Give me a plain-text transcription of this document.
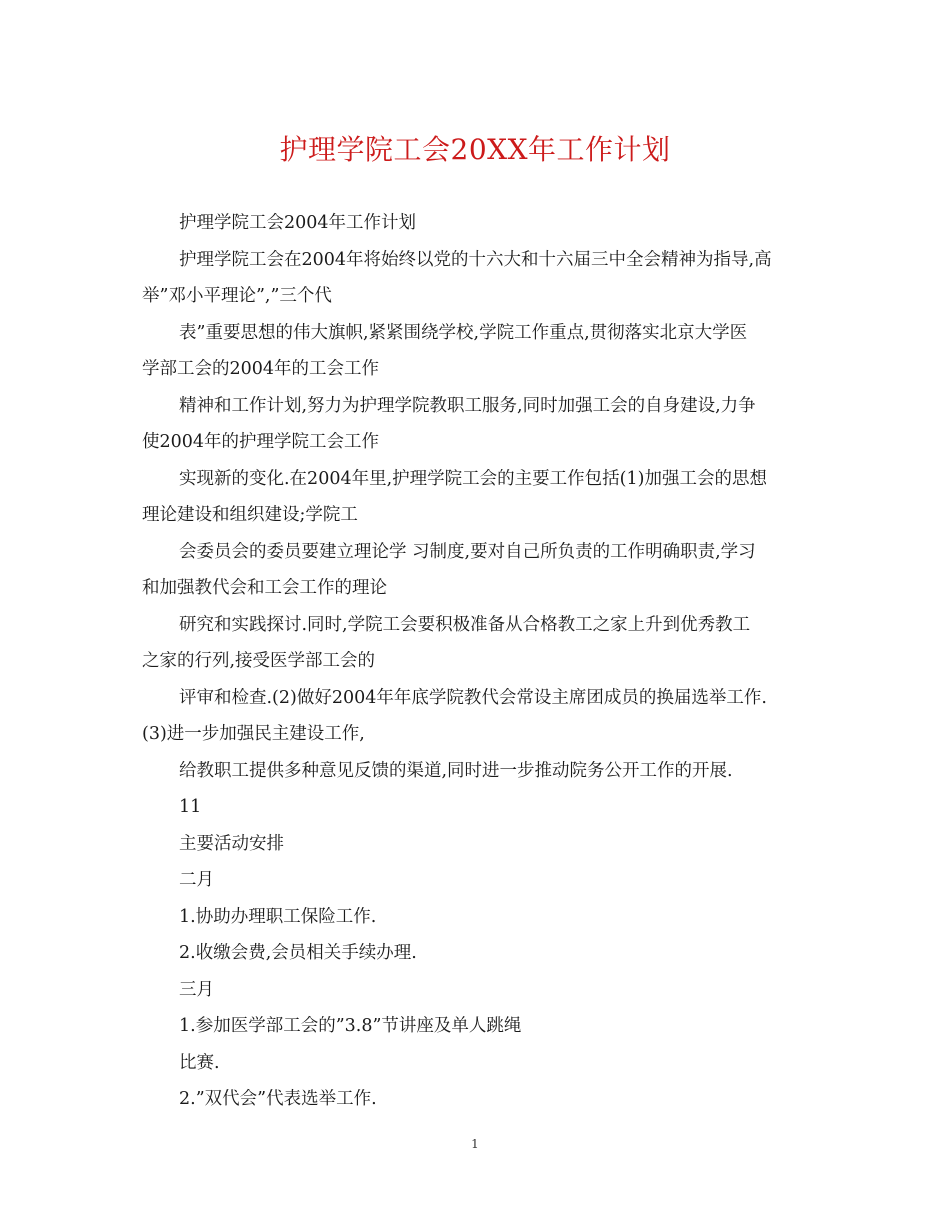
护理学院工会20XX年工作计划
护理学院工会2004年工作计划
护理学院工会在2004年将始终以党的十六大和十六届三中全会精神为指导,高
举”邓小平理论”,”三个代
表”重要思想的伟大旗帜,紧紧围绕学校,学院工作重点,贯彻落实北京大学医
学部工会的2004年的工会工作
精神和工作计划,努力为护理学院教职工服务,同时加强工会的自身建设,力争
使2004年的护理学院工会工作
实现新的变化.在2004年里,护理学院工会的主要工作包括(1)加强工会的思想
理论建设和组织建设;学院工
会委员会的委员要建立理论学 习制度,要对自己所负责的工作明确职责,学习
和加强教代会和工会工作的理论
研究和实践探讨.同时,学院工会要积极准备从合格教工之家上升到优秀教工
之家的行列,接受医学部工会的
评审和检查.(2)做好2004年年底学院教代会常设主席团成员的换届选举工作.
(3)进一步加强民主建设工作,
给教职工提供多种意见反馈的渠道,同时进一步推动院务公开工作的开展.
11
主要活动安排
二月
1.协助办理职工保险工作.
2.收缴会费,会员相关手续办理.
三月
1.参加医学部工会的”3.8”节讲座及单人跳绳
比赛.
2.”双代会”代表选举工作.
1
